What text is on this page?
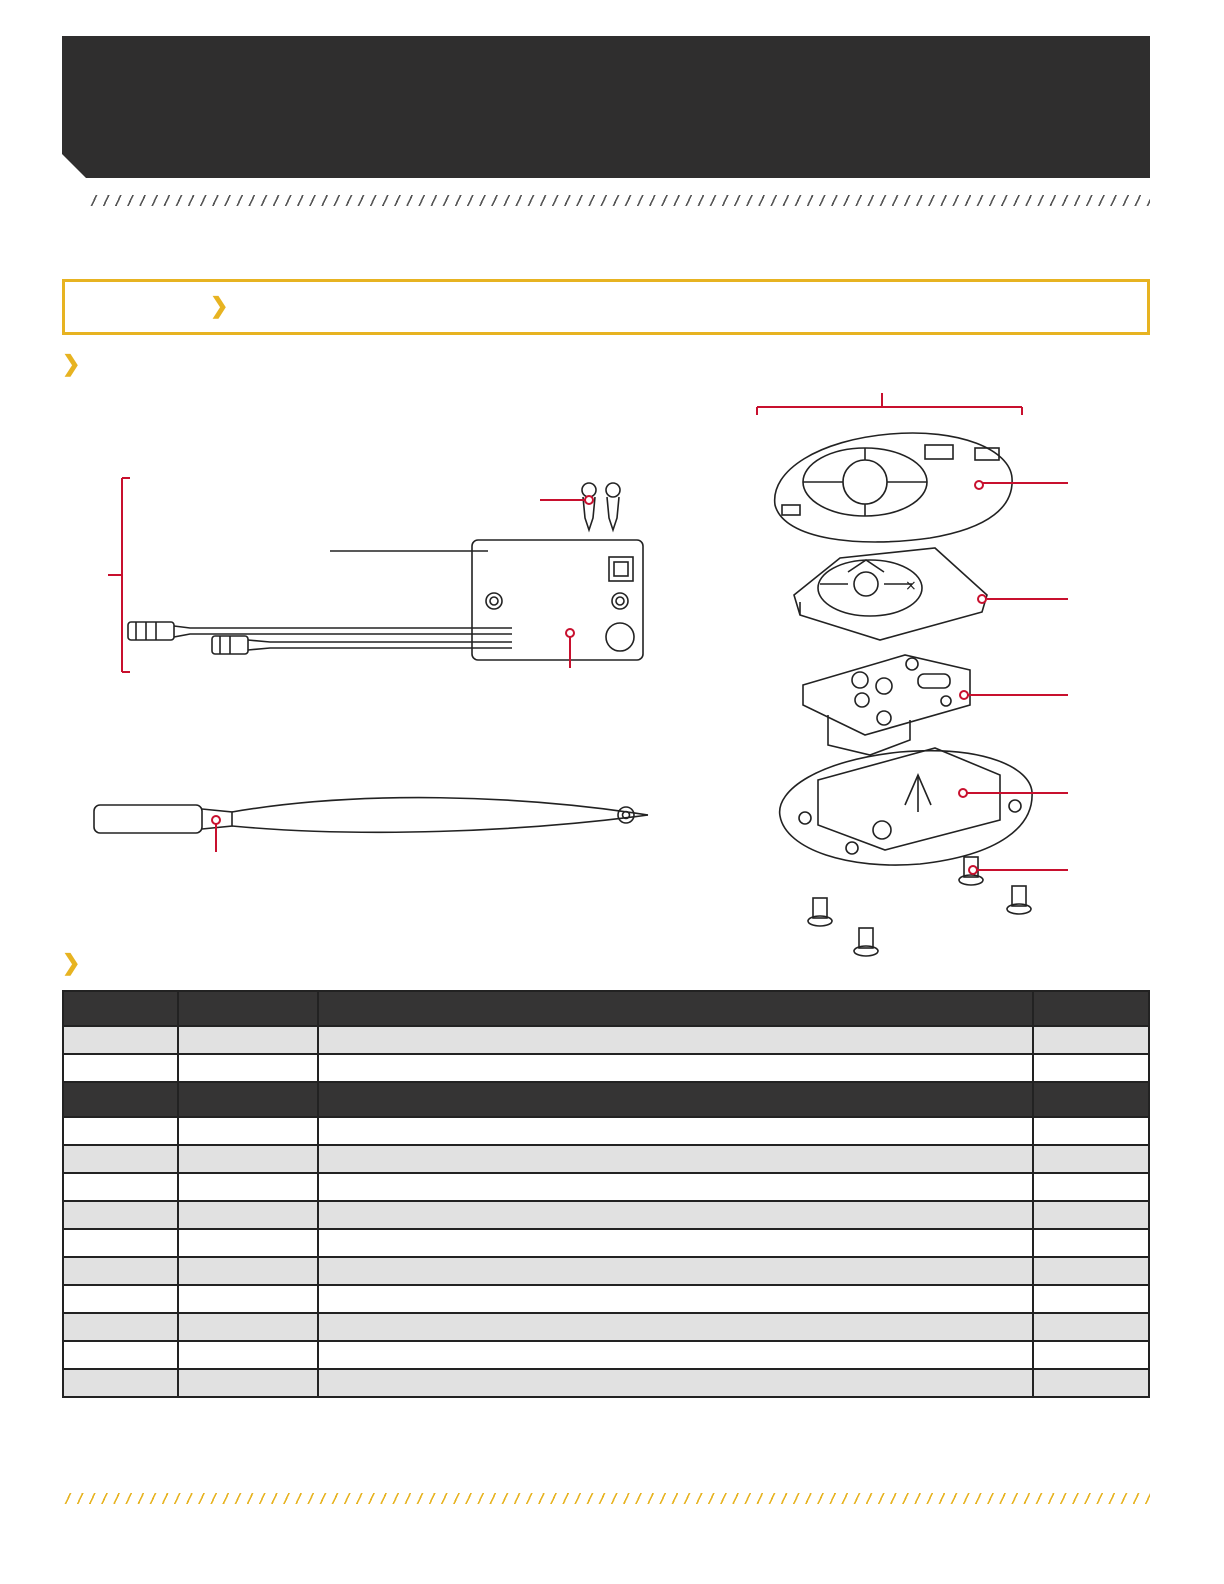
❯
❯
❯
×
